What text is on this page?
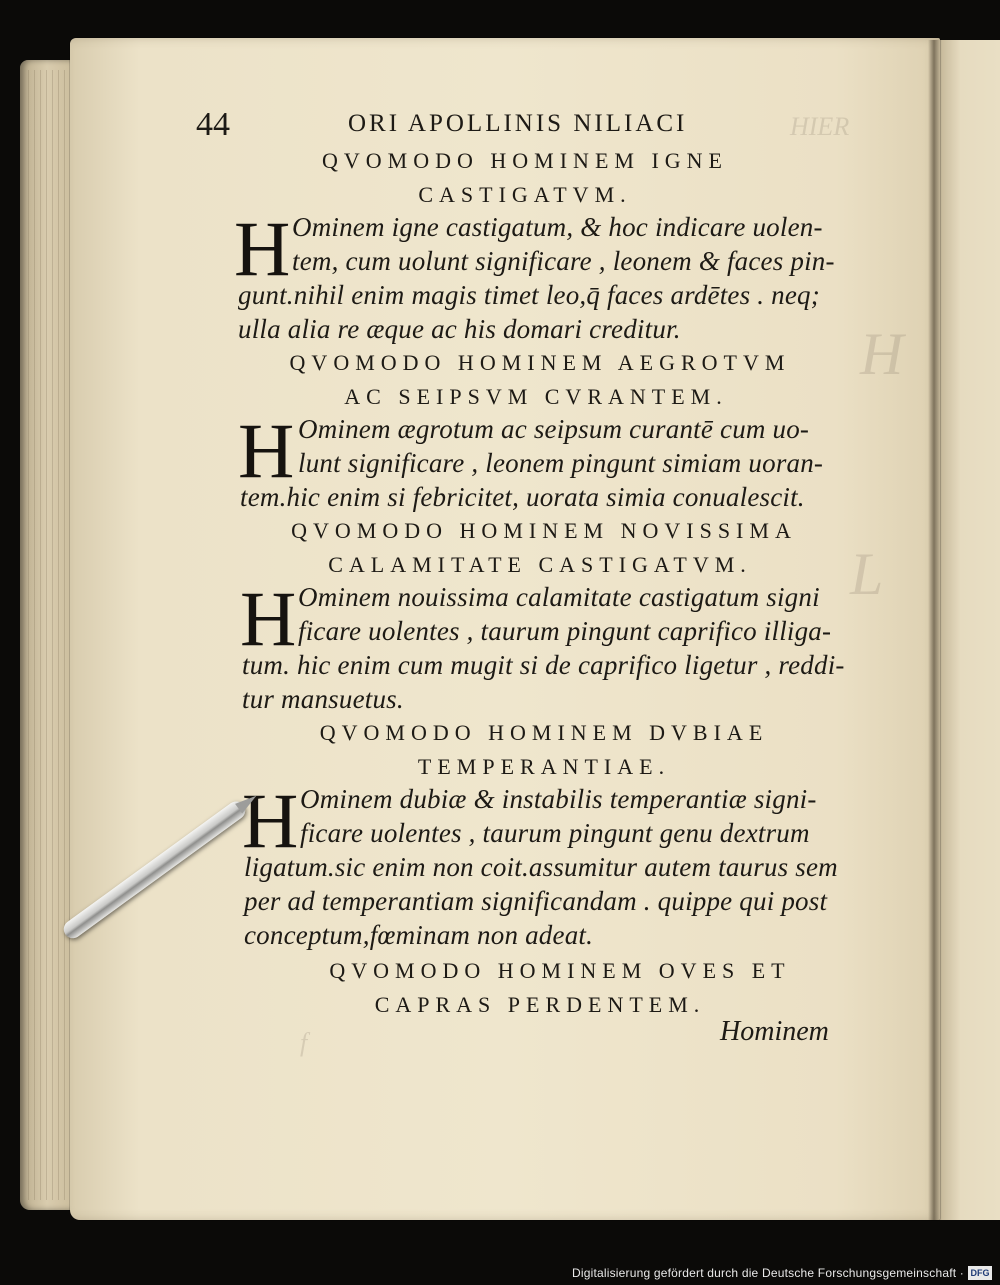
HIER
H
L
f
44	ORI APOLLINIS NILIACI
QVOMODO HOMINEM IGNE
CASTIGATVM.
H Ominem igne castigatum, & hoc indicare uolen-
tem, cum uolunt significare , leonem & faces pin-
gunt.nihil enim magis timet leo,q̄ faces ardētes . neq;
ulla alia re æque ac his domari creditur.
QVOMODO HOMINEM AEGROTVM
AC SEIPSVM CVRANTEM.
H Ominem ægrotum ac seipsum curantē cum uo-
lunt significare , leonem pingunt simiam uoran-
tem.hic enim si febricitet, uorata simia conualescit.
QVOMODO HOMINEM NOVISSIMA
CALAMITATE CASTIGATVM.
H Ominem nouissima calamitate castigatum signi
ficare uolentes , taurum pingunt caprifico illiga-
tum. hic enim cum mugit si de caprifico ligetur , reddi-
tur mansuetus.
QVOMODO HOMINEM DVBIAE
TEMPERANTIAE.
H Ominem dubiæ & instabilis temperantiæ signi-
ficare uolentes , taurum pingunt genu dextrum
ligatum.sic enim non coit.assumitur autem taurus sem
per ad temperantiam significandam . quippe qui post
conceptum,fœminam non adeat.
QVOMODO HOMINEM OVES ET
CAPRAS PERDENTEM.
Hominem
Digitalisierung gefördert durch die Deutsche Forschungsgemeinschaft · DFG
